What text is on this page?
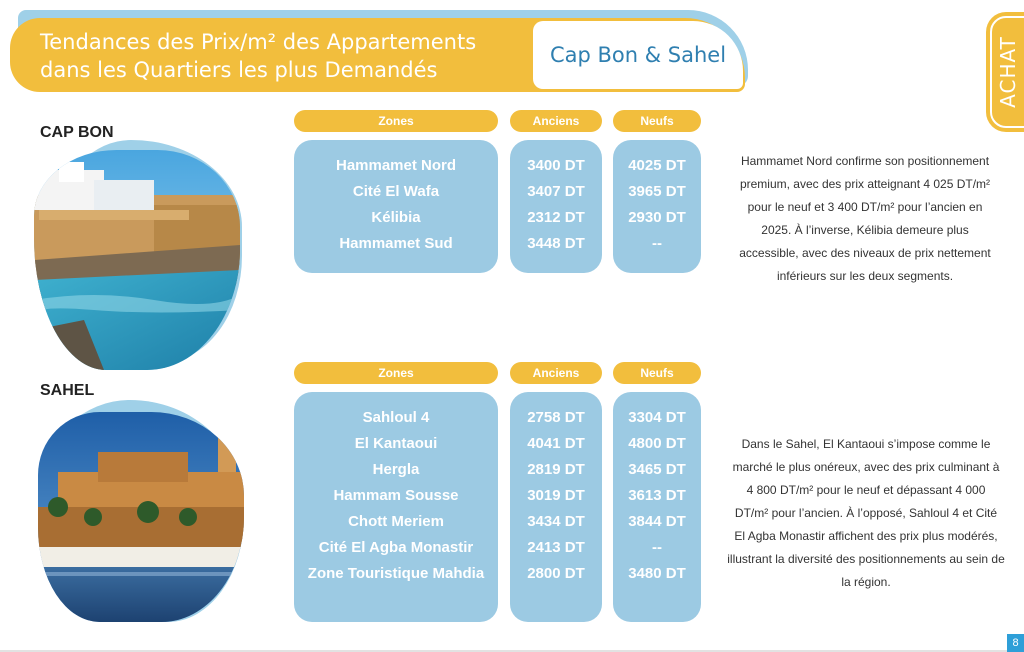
Tendances des Prix/m² des Appartements
dans les Quartiers les plus Demandés
Cap Bon & Sahel	ACHAT
CAP BON
Zones	Anciens	Neufs
Hammamet Nord	3400 DT	4025 DT
Cité El Wafa	3407 DT	3965 DT
Kélibia	2312 DT	2930 DT
Hammamet Sud	3448 DT	--
Hammamet Nord confirme son positionnement
premium, avec des prix atteignant 4 025 DT/m²
pour le neuf et 3 400 DT/m² pour l’ancien en
2025. À l’inverse, Kélibia demeure plus
accessible, avec des niveaux de prix nettement
inférieurs sur les deux segments.
SAHEL
Zones	Anciens	Neufs
Sahloul 4	2758 DT	3304 DT
El Kantaoui	4041 DT	4800 DT
Hergla	2819 DT	3465 DT
Hammam Sousse	3019 DT	3613 DT
Chott Meriem	3434 DT	3844 DT
Cité El Agba Monastir	2413 DT	--
Zone Touristique Mahdia	2800 DT	3480 DT
Dans le Sahel, El Kantaoui s’impose comme le
marché le plus onéreux, avec des prix culminant à
4 800 DT/m² pour le neuf et dépassant 4 000
DT/m² pour l’ancien. À l’opposé, Sahloul 4 et Cité
El Agba Monastir affichent des prix plus modérés,
illustrant la diversité des positionnements au sein de
la région.
8
